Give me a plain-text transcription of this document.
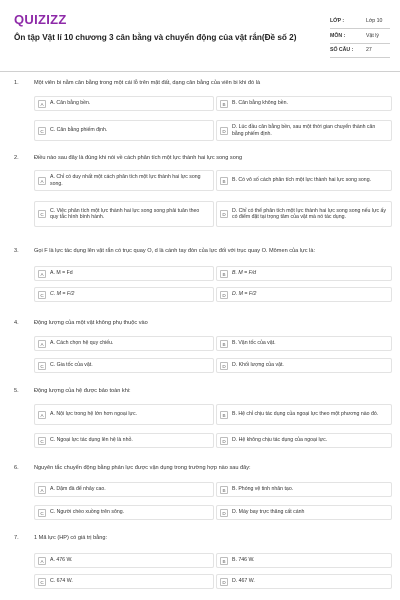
QUIZIZZ
Ôn tập Vật lí 10 chương 3 cân bằng và chuyển động của vật rắn(Đề số 2)
LỚP :	Lớp 10
MÔN :	Vật lý
SỐ CÂU : 27
1.	Một viên bi nằm cân bằng trong một cái lỗ trên mặt đất, dạng cân bằng của viên bi khi đó là
A	A. Cân bằng bền.	B	B. Cân bằng không bền.
C	C. Cân bằng phiếm định.	D
D. Lúc đầu cân bằng bền, sau một thời gian chuyển thành cân bằng phiếm định.
2.	Điều nào sau đây là đúng khi nói về cách phân tích một lực thành hai lực song song
A
A. Chỉ có duy nhất một cách phân tích một lực thành hai lực song song.	B	B. Có vô số cách phân tích một lực thành hai lực song song.
C
C. Việc phân tích một lực thành hai lực song song phải tuân theo quy tắc hình bình hành.	D
D. Chỉ có thể phân tích một lực thành hai lực song song nếu lực ấy có điểm đặt tại trọng tâm của vật mà nó tác dụng.
3.	Gọi F là lực tác dụng lên vật rắn có trục quay O, d là cánh tay đòn của lực đối với trục quay O. Mômen của lực là:
A	A. M = Fd	B	B. M = F/d
C	C. M = F/2	D	D. M = F/2
4.	Động lượng của một vật không phụ thuộc vào
A	A. Cách chọn hệ quy chiếu.	B	B. Vận tốc của vật.
C	C. Gia tốc của vật.	D	D. Khối lượng của vật.
5.	Động lượng của hệ được bảo toàn khi:
A	A. Nội lực trong hệ lớn hơn ngoại lực.	B	B. Hệ chỉ chịu tác dụng của ngoại lực theo một phương nào đó.
C	C. Ngoại lực tác dụng lên hệ là nhỏ.	D	D. Hệ không chịu tác dụng của ngoại lực.
6.	Nguyên tắc chuyển động bằng phản lực được vận dụng trong trường hợp nào sau đây:
A	A. Dậm đà để nhảy cao.	B	B. Phóng vệ tinh nhân tạo.
C	C. Người chèo xuồng trên sông.	D	D. Máy bay trực thăng cất cánh
7.	1 Mã lực (HP) có giá trị bằng:
A	A. 476 W.	B	B. 746 W.
C	C. 674 W.	D	D. 467 W.
